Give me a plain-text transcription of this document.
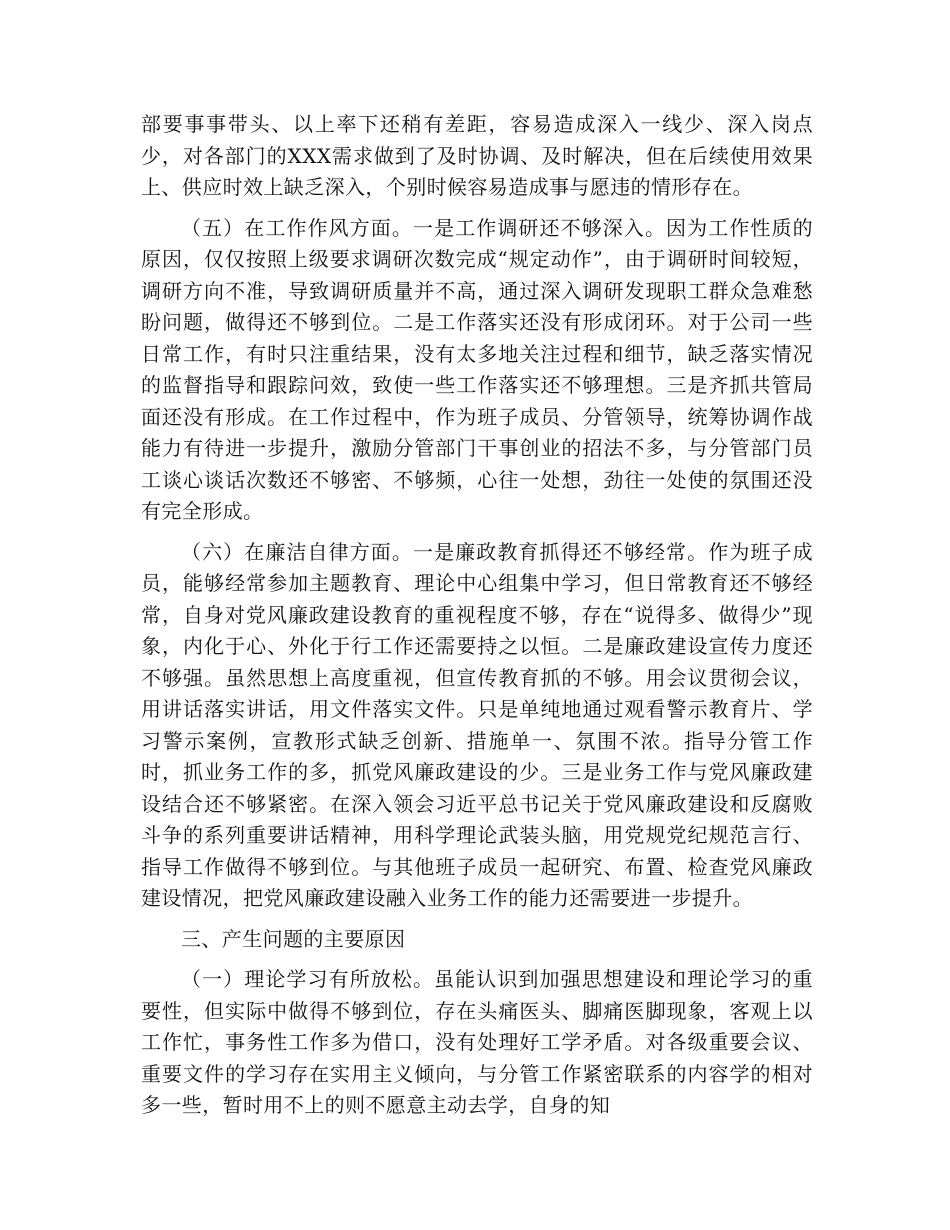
部要事事带头、以上率下还稍有差距，容易造成深入一线少、深入岗点少，对各部门的XXX需求做到了及时协调、及时解决，但在后续使用效果上、供应时效上缺乏深入，个别时候容易造成事与愿违的情形存在。

（五）在工作作风方面。一是工作调研还不够深入。因为工作性质的原因，仅仅按照上级要求调研次数完成“规定动作”，由于调研时间较短，调研方向不准，导致调研质量并不高，通过深入调研发现职工群众急难愁盼问题，做得还不够到位。二是工作落实还没有形成闭环。对于公司一些日常工作，有时只注重结果，没有太多地关注过程和细节，缺乏落实情况的监督指导和跟踪问效，致使一些工作落实还不够理想。三是齐抓共管局面还没有形成。在工作过程中，作为班子成员、分管领导，统筹协调作战能力有待进一步提升，激励分管部门干事创业的招法不多，与分管部门员工谈心谈话次数还不够密、不够频，心往一处想，劲往一处使的氛围还没有完全形成。

（六）在廉洁自律方面。一是廉政教育抓得还不够经常。作为班子成员，能够经常参加主题教育、理论中心组集中学习，但日常教育还不够经常，自身对党风廉政建设教育的重视程度不够，存在“说得多、做得少”现象，内化于心、外化于行工作还需要持之以恒。二是廉政建设宣传力度还不够强。虽然思想上高度重视，但宣传教育抓的不够。用会议贯彻会议，用讲话落实讲话，用文件落实文件。只是单纯地通过观看警示教育片、学习警示案例，宣教形式缺乏创新、措施单一、氛围不浓。指导分管工作时，抓业务工作的多，抓党风廉政建设的少。三是业务工作与党风廉政建设结合还不够紧密。在深入领会习近平总书记关于党风廉政建设和反腐败斗争的系列重要讲话精神，用科学理论武装头脑，用党规党纪规范言行、指导工作做得不够到位。与其他班子成员一起研究、布置、检查党风廉政建设情况，把党风廉政建设融入业务工作的能力还需要进一步提升。

三、产生问题的主要原因

（一）理论学习有所放松。虽能认识到加强思想建设和理论学习的重要性，但实际中做得不够到位，存在头痛医头、脚痛医脚现象，客观上以工作忙，事务性工作多为借口，没有处理好工学矛盾。对各级重要会议、重要文件的学习存在实用主义倾向，与分管工作紧密联系的内容学的相对多一些，暂时用不上的则不愿意主动去学，自身的知
